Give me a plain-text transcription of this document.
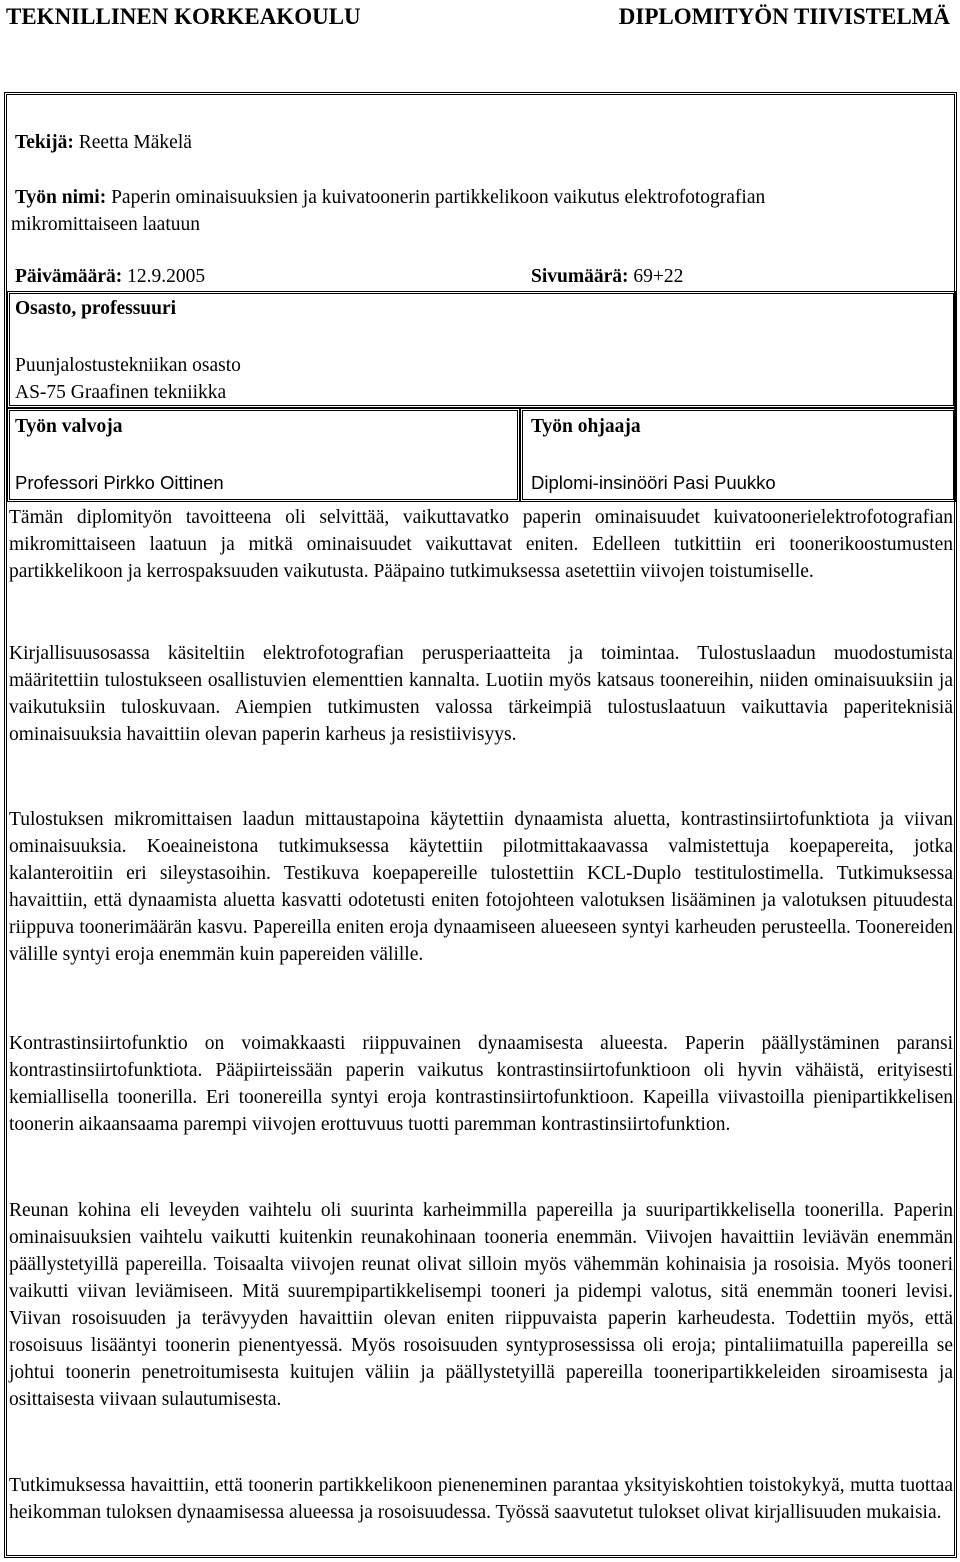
TEKNILLINEN KORKEAKOULU	DIPLOMITYÖN TIIVISTELMÄ
Tekijä: Reetta Mäkelä
Työn nimi: Paperin ominaisuuksien ja kuivatoonerin partikkelikoon vaikutus elektrofotografian
mikromittaiseen laatuun
Päivämäärä: 12.9.2005	Sivumäärä: 69+22
Osasto, professuuri
Puunjalostustekniikan osasto
AS-75 Graafinen tekniikka
Työn valvoja
Professori Pirkko Oittinen
Työn ohjaaja
Diplomi-insinööri Pasi Puukko
Tämän diplomityön tavoitteena oli selvittää, vaikuttavatko paperin ominaisuudet kuivatoonerielektrofotografian mikromittaiseen laatuun ja mitkä ominaisuudet vaikuttavat eniten. Edelleen tutkittiin eri toonerikoostumusten partikkelikoon ja kerrospaksuuden vaikutusta. Pääpaino tutkimuksessa asetettiin viivojen toistumiselle.
Kirjallisuusosassa käsiteltiin elektrofotografian perusperiaatteita ja toimintaa. Tulostuslaadun muodostumista määritettiin tulostukseen osallistuvien elementtien kannalta. Luotiin myös katsaus toonereihin, niiden ominaisuuksiin ja vaikutuksiin tuloskuvaan. Aiempien tutkimusten valossa tärkeimpiä tulostuslaatuun vaikuttavia paperiteknisiä ominaisuuksia havaittiin olevan paperin karheus ja resistiivisyys.
Tulostuksen mikromittaisen laadun mittaustapoina käytettiin dynaamista aluetta, kontrastinsiirtofunktiota ja viivan ominaisuuksia. Koeaineistona tutkimuksessa käytettiin pilotmittakaavassa valmistettuja koepapereita, jotka kalanteroitiin eri sileystasoihin. Testikuva koepapereille tulostettiin KCL-Duplo testitulostimella. Tutkimuksessa havaittiin, että dynaamista aluetta kasvatti odotetusti eniten fotojohteen valotuksen lisääminen ja valotuksen pituudesta riippuva toonerimäärän kasvu. Papereilla eniten eroja dynaamiseen alueeseen syntyi karheuden perusteella. Toonereiden välille syntyi eroja enemmän kuin papereiden välille.
Kontrastinsiirtofunktio on voimakkaasti riippuvainen dynaamisesta alueesta. Paperin päällystäminen paransi kontrastinsiirtofunktiota. Pääpiirteissään paperin vaikutus kontrastinsiirtofunktioon oli hyvin vähäistä, erityisesti kemiallisella toonerilla. Eri toonereilla syntyi eroja kontrastinsiirtofunktioon. Kapeilla viivastoilla pienipartikkelisen toonerin aikaansaama parempi viivojen erottuvuus tuotti paremman kontrastinsiirtofunktion.
Reunan kohina eli leveyden vaihtelu oli suurinta karheimmilla papereilla ja suuripartikkelisella toonerilla. Paperin ominaisuuksien vaihtelu vaikutti kuitenkin reunakohinaan tooneria enemmän. Viivojen havaittiin leviävän enemmän päällystetyillä papereilla. Toisaalta viivojen reunat olivat silloin myös vähemmän kohinaisia ja rosoisia. Myös tooneri vaikutti viivan leviämiseen. Mitä suurempipartikkelisempi tooneri ja pidempi valotus, sitä enemmän tooneri levisi. Viivan rosoisuuden ja terävyyden havaittiin olevan eniten riippuvaista paperin karheudesta. Todettiin myös, että rosoisuus lisääntyi toonerin pienentyessä. Myös rosoisuuden syntyprosessissa oli eroja; pintaliimatuilla papereilla se johtui toonerin penetroitumisesta kuitujen väliin ja päällystetyillä papereilla tooneripartikkeleiden siroamisesta ja osittaisesta viivaan sulautumisesta.
Tutkimuksessa havaittiin, että toonerin partikkelikoon pieneneminen parantaa yksityiskohtien toistokykyä, mutta tuottaa heikomman tuloksen dynaamisessa alueessa ja rosoisuudessa. Työssä saavutetut tulokset olivat kirjallisuuden mukaisia.
